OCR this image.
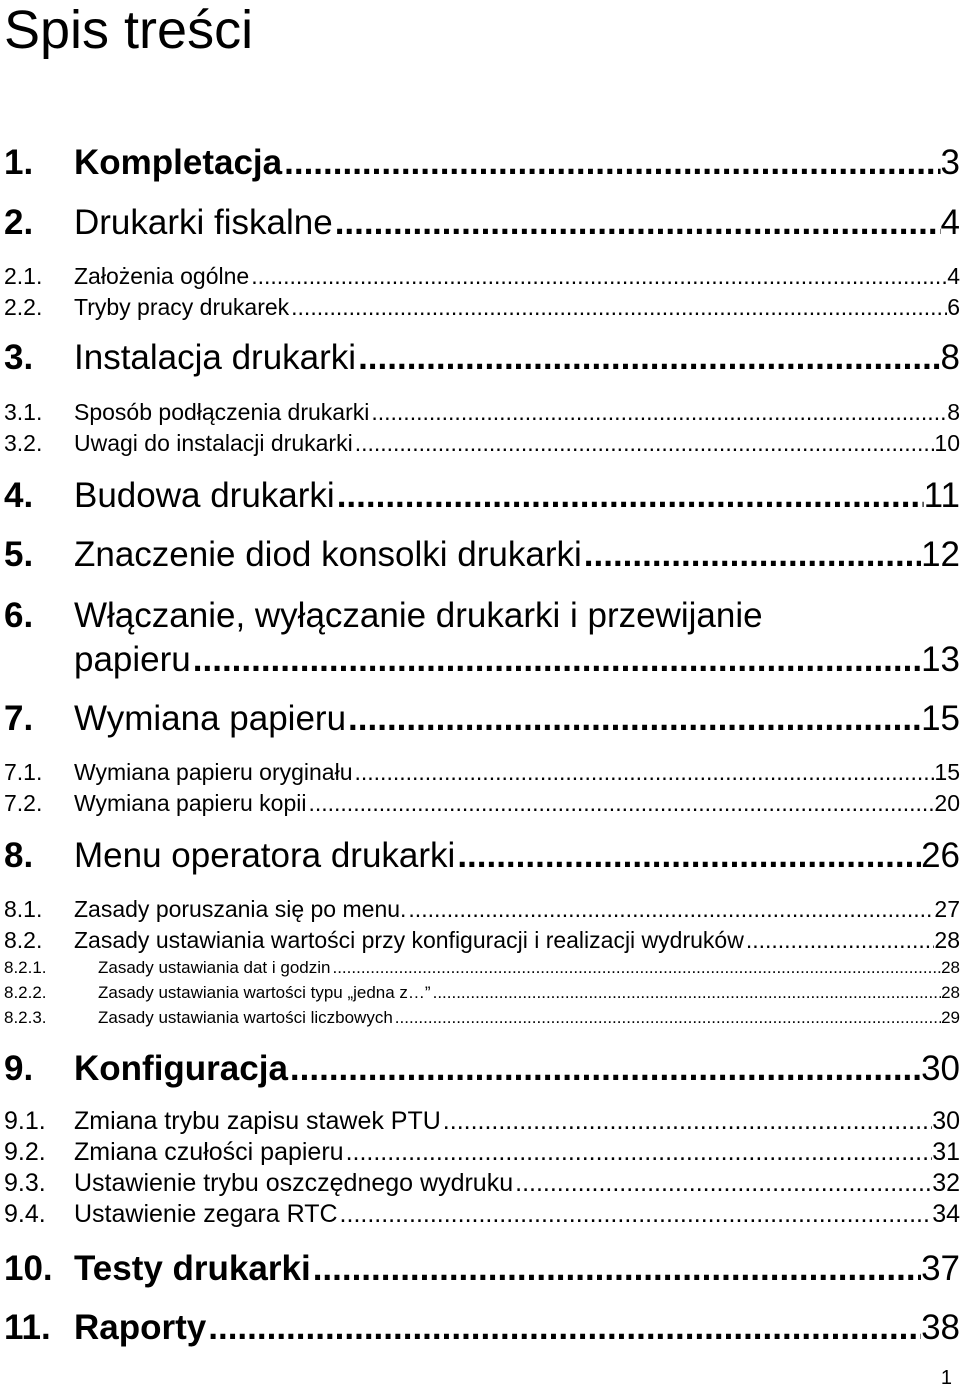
Spis treści
1.	Kompletacja .....	3
2.	Drukarki fiskalne .....	4
2.1.	Założenia ogólne .....	4
2.2.	Tryby pracy drukarek .....	6
3.	Instalacja drukarki .....	8
3.1.	Sposób podłączenia drukarki .....	8
3.2.	Uwagi do instalacji drukarki .....	10
4.	Budowa drukarki .....	11
5.	Znaczenie diod konsolki drukarki .....	12
6.	Włączanie, wyłączanie drukarki i przewijanie
papieru .....	13
7.	Wymiana papieru .....	15
7.1.	Wymiana papieru oryginału .....	15
7.2.	Wymiana papieru kopii .....	20
8.	Menu operatora drukarki .....	26
8.1.	Zasady poruszania się po menu. .....	27
8.2.	Zasady ustawiania wartości przy konfiguracji i realizacji wydruków .....	28
8.2.1.	Zasady ustawiania dat i godzin .....	28
8.2.2.	Zasady ustawiania wartości typu „jedna z…” .....	28
8.2.3.	Zasady ustawiania wartości liczbowych .....	29
9.	Konfiguracja .....	30
9.1.	Zmiana trybu zapisu stawek PTU .....	30
9.2.	Zmiana czułości papieru .....	31
9.3.	Ustawienie trybu oszczędnego wydruku .....	32
9.4.	Ustawienie zegara RTC .....	34
10. Testy drukarki .....	37
11. Raporty .....	38
1
